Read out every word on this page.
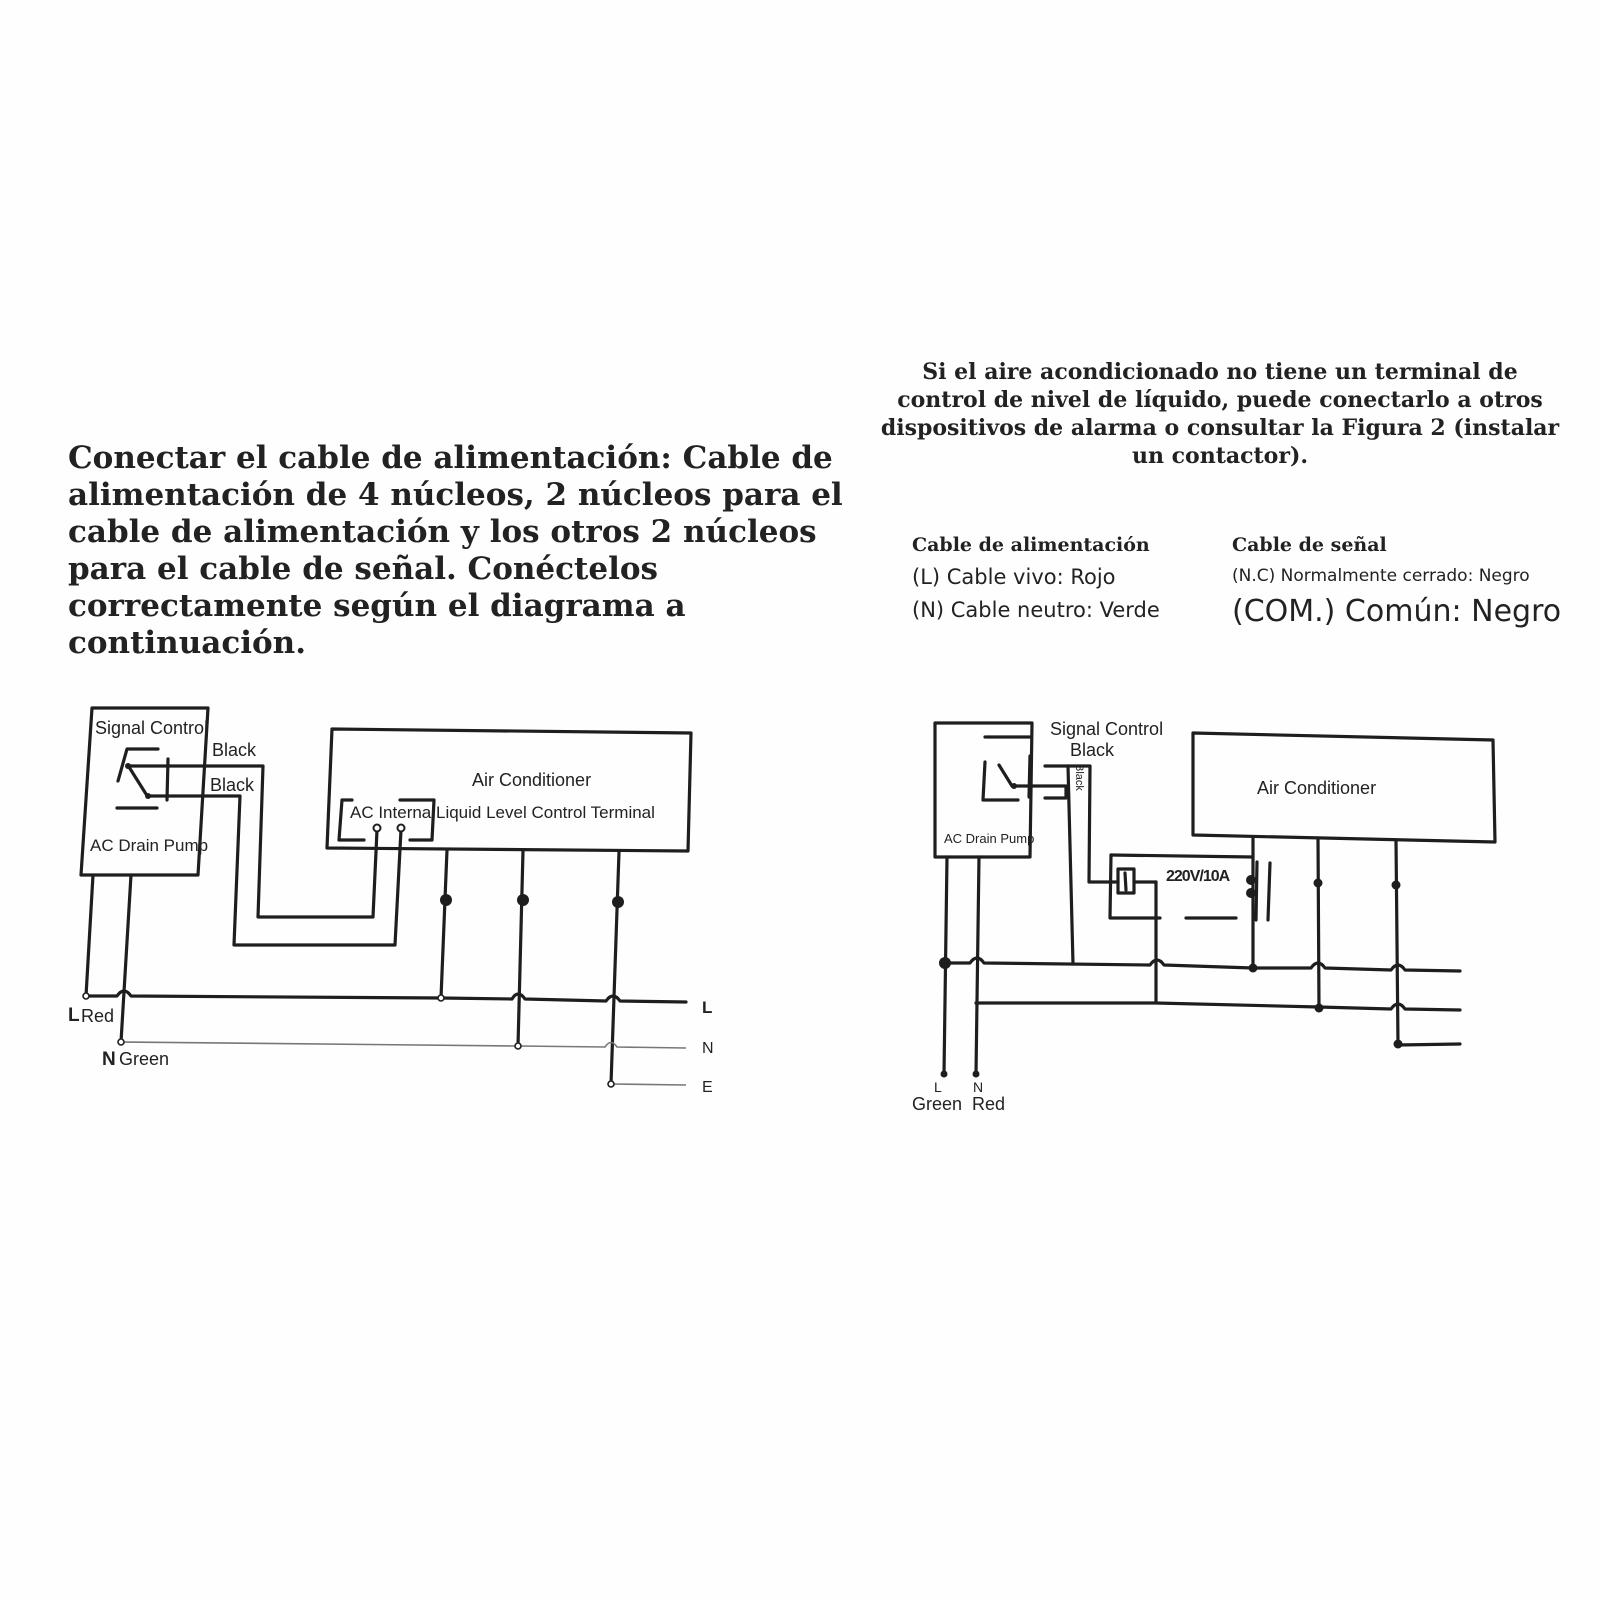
Conectar el cable de alimentación: Cable de alimentación de 4 núcleos, 2 núcleos para el cable de alimentación y los otros 2 núcleos para el cable de señal. Conéctelos correctamente según el diagrama a continuación.
Si el aire acondicionado no tiene un terminal de control de nivel de líquido, puede conectarlo a otros dispositivos de alarma o consultar la Figura 2 (instalar un contactor).
Cable de alimentación
(L) Cable vivo: Rojo
(N) Cable neutro: Verde
Cable de señal
(N.C) Normalmente cerrado: Negro
(COM.) Común: Negro
Signal Control
AC Drain Pump
Black
Black	Air Conditioner
AC Internal Liquid Level Control Terminal
L
N
E
L Red
N Green
AC Drain Pump
Signal Control
Black
Black
220V/10A
Air Conditioner
L N
Green Red
